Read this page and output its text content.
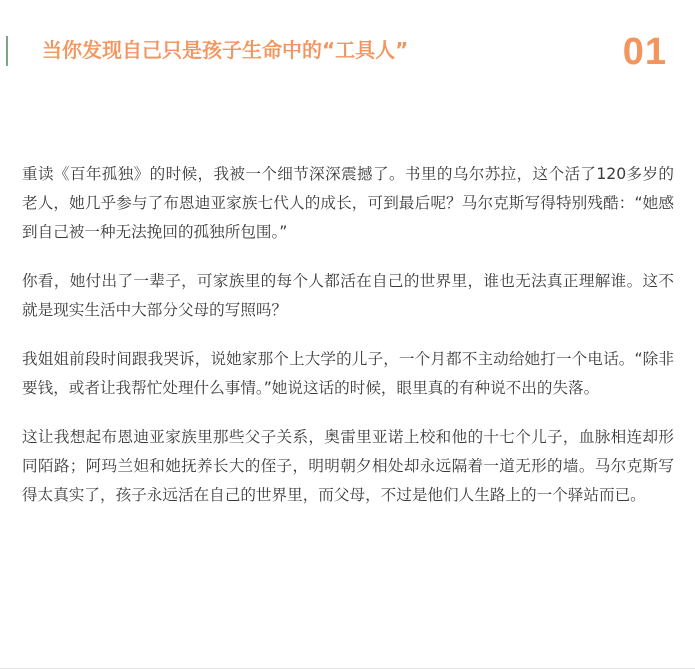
当你发现自己只是孩子生命中的“工具人”	01

重读《百年孤独》的时候，我被一个细节深深震撼了。书里的乌尔苏拉，这个活了120多岁的老人，她几乎参与了布恩迪亚家族七代人的成长，可到最后呢？马尔克斯写得特别残酷：“她感到自己被一种无法挽回的孤独所包围。”

你看，她付出了一辈子，可家族里的每个人都活在自己的世界里，谁也无法真正理解谁。这不就是现实生活中大部分父母的写照吗？

我姐姐前段时间跟我哭诉，说她家那个上大学的儿子，一个月都不主动给她打一个电话。“除非要钱，或者让我帮忙处理什么事情。”她说这话的时候，眼里真的有种说不出的失落。

这让我想起布恩迪亚家族里那些父子关系，奥雷里亚诺上校和他的十七个儿子，血脉相连却形同陌路；阿玛兰妲和她抚养长大的侄子，明明朝夕相处却永远隔着一道无形的墙。马尔克斯写得太真实了，孩子永远活在自己的世界里，而父母，不过是他们人生路上的一个驿站而已。
